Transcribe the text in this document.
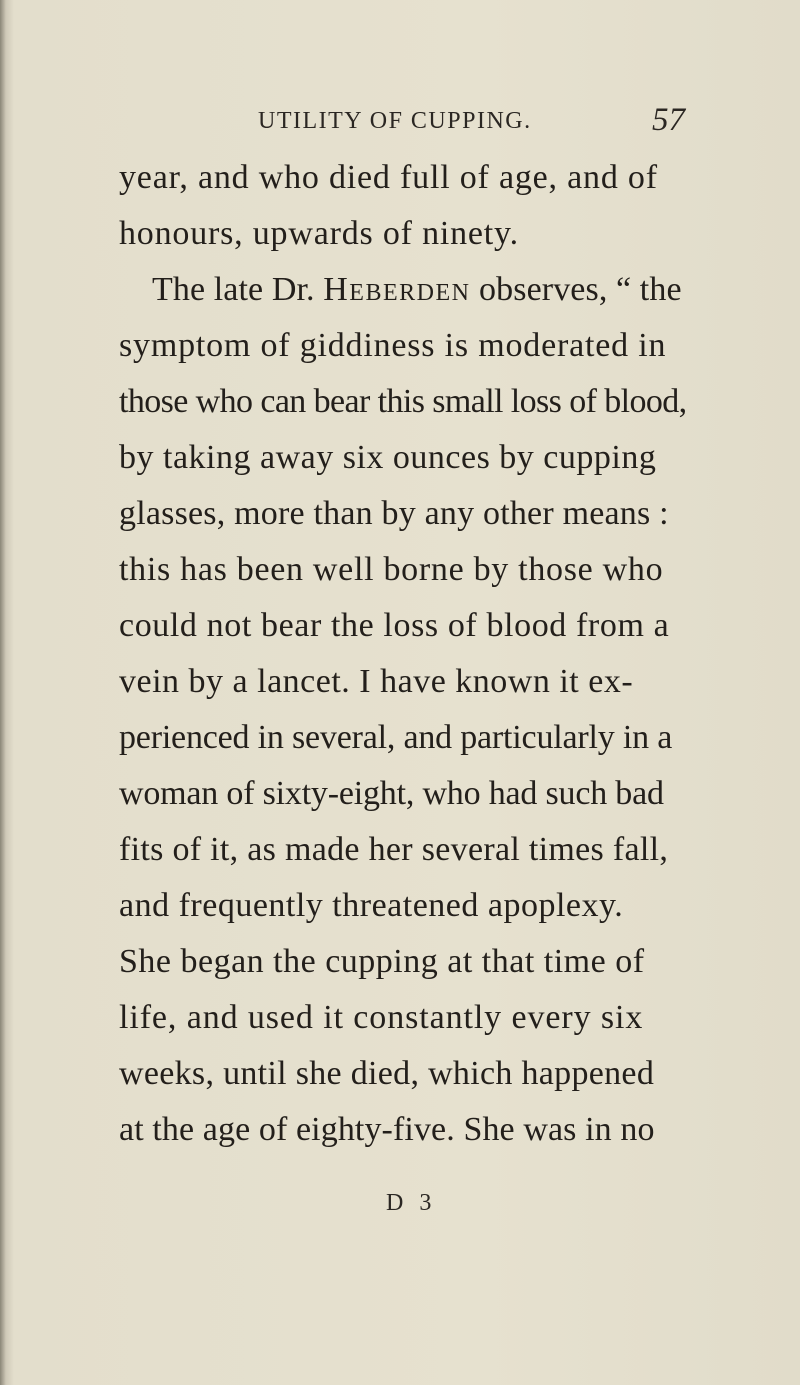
UTILITY OF CUPPING.	57
year, and who died full of age, and of
honours, upwards of ninety.
The late Dr. Heberden observes, “ the
symptom of giddiness is moderated in
those who can bear this small loss of blood,
by taking away six ounces by cupping
glasses, more than by any other means :
this has been well borne by those who
could not bear the loss of blood from a
vein by a lancet. I have known it ex-
perienced in several, and particularly in a
woman of sixty-eight, who had such bad
fits of it, as made her several times fall,
and frequently threatened apoplexy.
She began the cupping at that time of
life, and used it constantly every six
weeks, until she died, which happened
at the age of eighty-five. She was in no
D 3
